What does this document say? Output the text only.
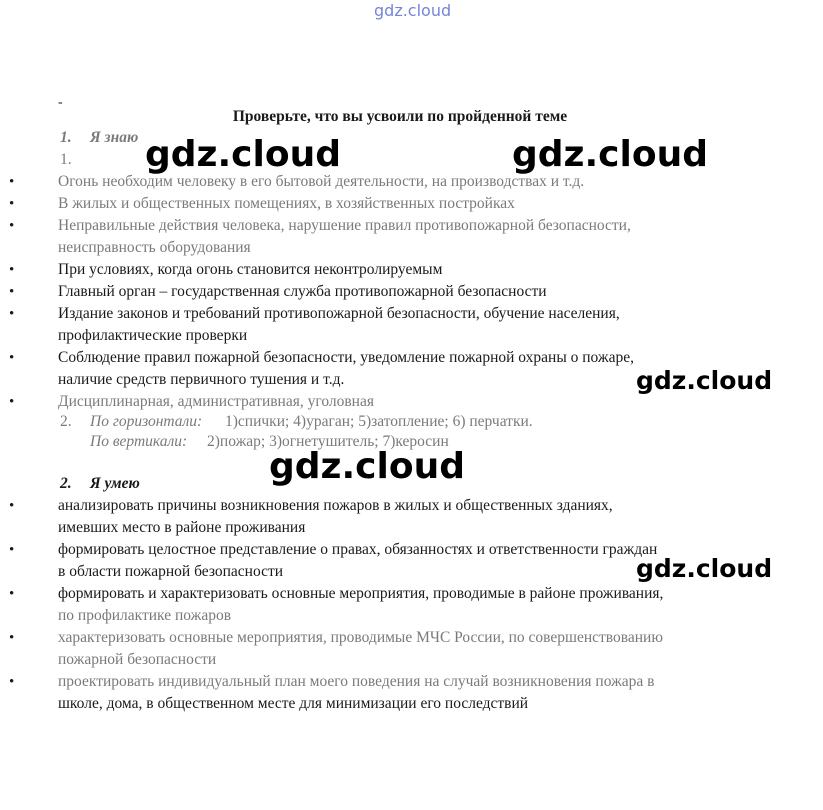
gdz.cloud

gdz.cloud	gdz.cloud

gdz.cloud

gdz.cloud

gdz.cloud

-

Проверьте, что вы усвоили по пройденной теме

1. Я знаю

1.

•	Огонь необходим человеку в его бытовой деятельности, на производствах и т.д.

•	В жилых и общественных помещениях, в хозяйственных постройках

•	Неправильные действия человека, нарушение правил противопожарной безопасности,

неисправность оборудования

•	При условиях, когда огонь становится неконтролируемым

•	Главный орган – государственная служба противопожарной безопасности

•	Издание законов и требований противопожарной безопасности, обучение населения,

профилактические проверки

•	Соблюдение правил пожарной безопасности, уведомление пожарной охраны о пожаре,

наличие средств первичного тушения и т.д.

•	Дисциплинарная, административная, уголовная

2. По горизонтали: 1)спички; 4)ураган; 5)затопление; 6) перчатки.

По вертикали: 2)пожар; 3)огнетушитель; 7)керосин

2. Я умею

•	анализировать причины возникновения пожаров в жилых и общественных зданиях,

имевших место в районе проживания

•	формировать целостное представление о правах, обязанностях и ответственности граждан

в области пожарной безопасности

•	формировать и характеризовать основные мероприятия, проводимые в районе проживания,

по профилактике пожаров

•	характеризовать основные мероприятия, проводимые МЧС России, по совершенствованию

пожарной безопасности

•	проектировать индивидуальный план моего поведения на случай возникновения пожара в

школе, дома, в общественном месте для минимизации его последствий
